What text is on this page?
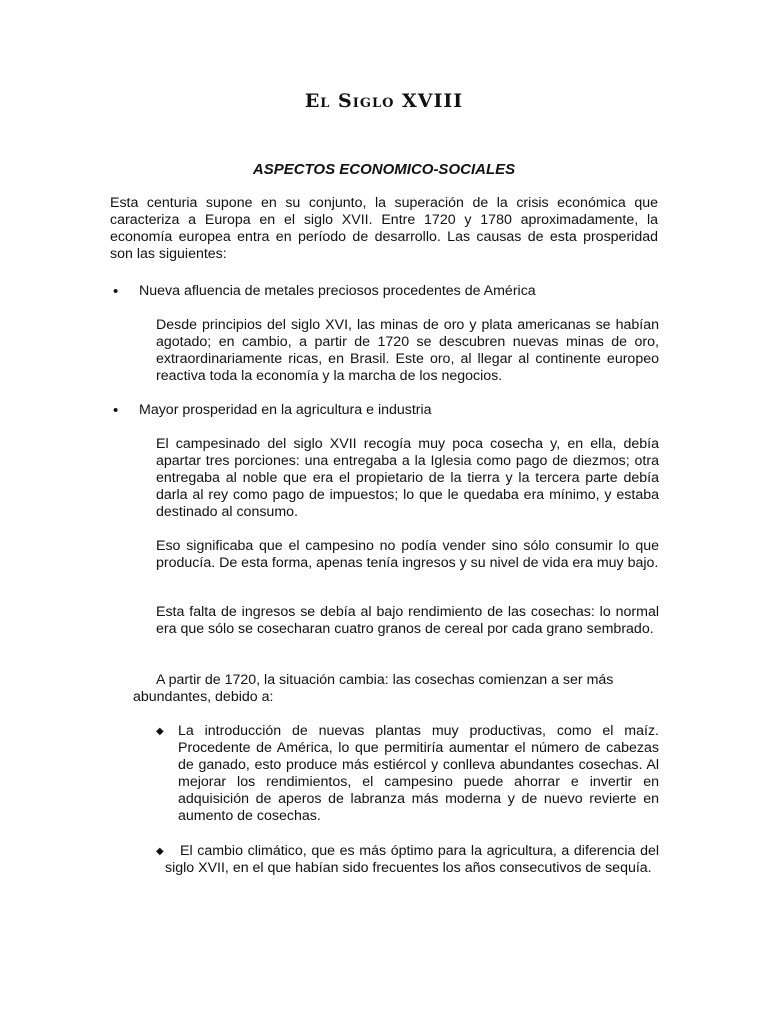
El Siglo XVIII
ASPECTOS ECONOMICO-SOCIALES

Esta centuria supone en su conjunto, la superación de la crisis económica que caracteriza a Europa en el siglo XVII. Entre 1720 y 1780 aproximadamente, la economía europea entra en período de desarrollo. Las causas de esta prosperidad son las siguientes:

• Nueva afluencia de metales preciosos procedentes de América

Desde principios del siglo XVI, las minas de oro y plata americanas se habían agotado; en cambio, a partir de 1720 se descubren nuevas minas de oro, extraordinariamente ricas, en Brasil. Este oro, al llegar al continente europeo reactiva toda la economía y la marcha de los negocios.

• Mayor prosperidad en la agricultura e industria

El campesinado del siglo XVII recogía muy poca cosecha y, en ella, debía apartar tres porciones: una entregaba a la Iglesia como pago de diezmos; otra entregaba al noble que era el propietario de la tierra y la tercera parte debía darla al rey como pago de impuestos; lo que le quedaba era mínimo, y estaba destinado al consumo.

Eso significaba que el campesino no podía vender sino sólo consumir lo que producía. De esta forma, apenas tenía ingresos y su nivel de vida era muy bajo.

Esta falta de ingresos se debía al bajo rendimiento de las cosechas: lo normal era que sólo se cosecharan cuatro granos de cereal por cada grano sembrado.

A partir de 1720, la situación cambia: las cosechas comienzan a ser más abundantes, debido a:

◆ La introducción de nuevas plantas muy productivas, como el maíz. Procedente de América, lo que permitiría aumentar el número de cabezas de ganado, esto produce más estiércol y conlleva abundantes cosechas. Al mejorar los rendimientos, el campesino puede ahorrar e invertir en adquisición de aperos de labranza más moderna y de nuevo revierte en aumento de cosechas.

◆	El cambio climático, que es más óptimo para la agricultura, a diferencia del siglo XVII, en el que habían sido frecuentes los años consecutivos de sequía.
